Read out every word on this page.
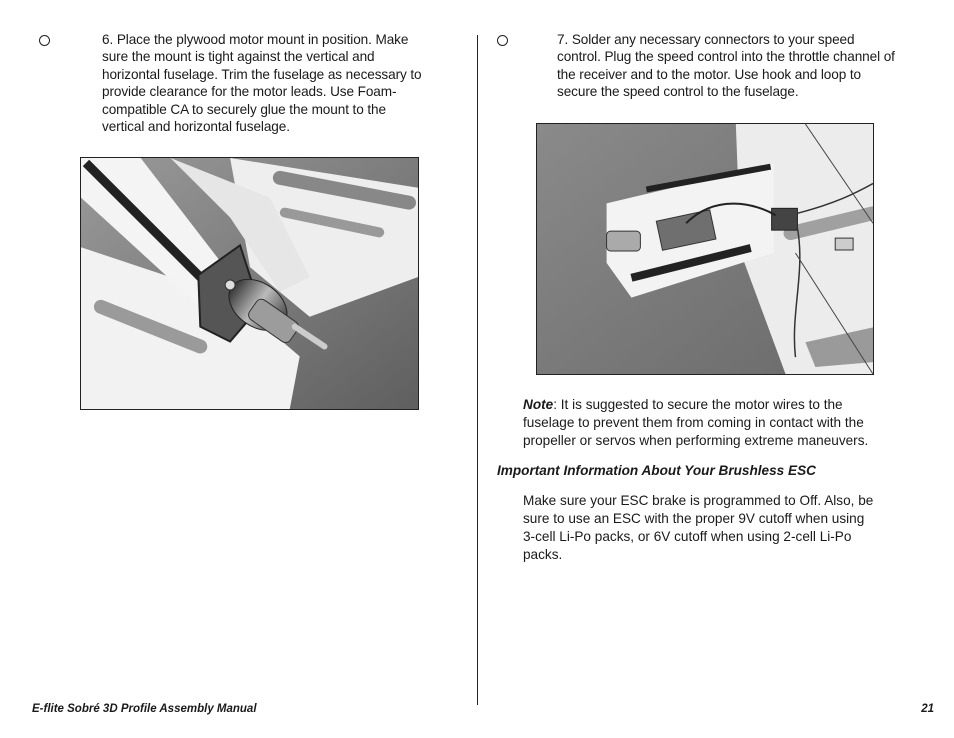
6. Place the plywood motor mount in position. Make sure the mount is tight against the vertical and horizontal fuselage. Trim the fuselage as necessary to provide clearance for the motor leads. Use Foam-compatible CA to securely glue the mount to the vertical and horizontal fuselage.
7. Solder any necessary connectors to your speed control. Plug the speed control into the throttle channel of the receiver and to the motor. Use hook and loop to secure the speed control to the fuselage.
Note: It is suggested to secure the motor wires to the fuselage to prevent them from coming in contact with the propeller or servos when performing extreme maneuvers.
Important Information About Your Brushless ESC
Make sure your ESC brake is programmed to Off. Also, be sure to use an ESC with the proper 9V cutoff when using 3-cell Li-Po packs, or 6V cutoff when using 2-cell Li-Po packs.
E-flite Sobré 3D Profile Assembly Manual	21
